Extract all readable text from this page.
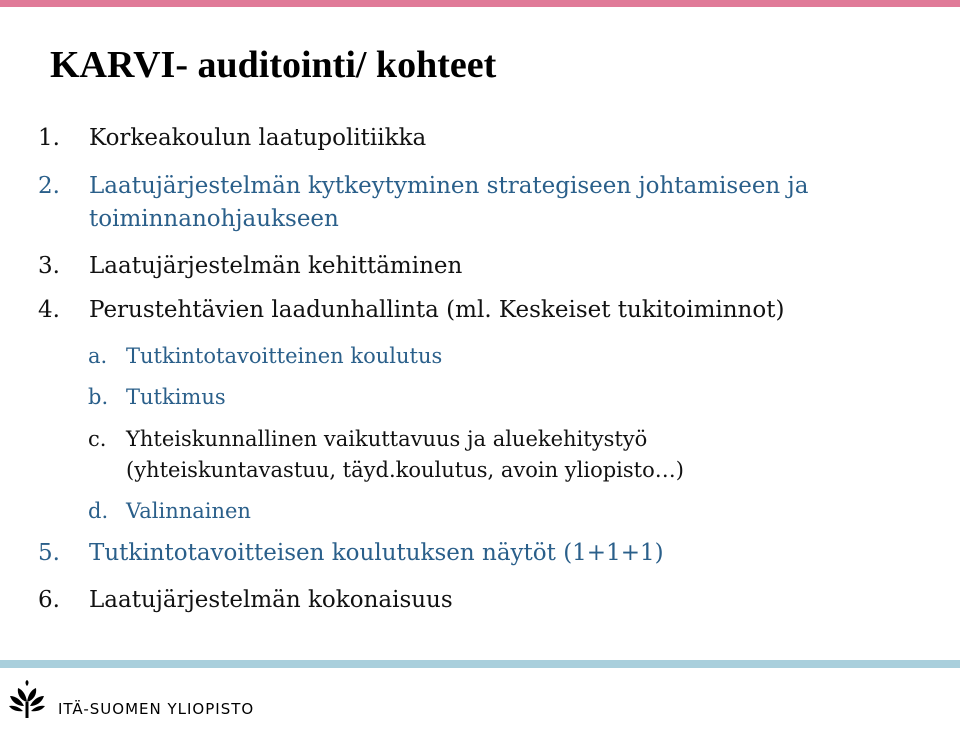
KARVI- auditointi/ kohteet
1. Korkeakoulun laatupolitiikka
2. Laatujärjestelmän kytkeytyminen strategiseen johtamiseen ja
toiminnanohjaukseen
3. Laatujärjestelmän kehittäminen
4. Perustehtävien laadunhallinta (ml. Keskeiset tukitoiminnot)
a. Tutkintotavoitteinen koulutus
b. Tutkimus
c. Yhteiskunnallinen vaikuttavuus ja aluekehitystyö
(yhteiskuntavastuu, täyd.koulutus, avoin yliopisto…)
d. Valinnainen
5. Tutkintotavoitteisen koulutuksen näytöt (1+1+1)
6. Laatujärjestelmän kokonaisuus
ITÄ-SUOMEN YLIOPISTO
